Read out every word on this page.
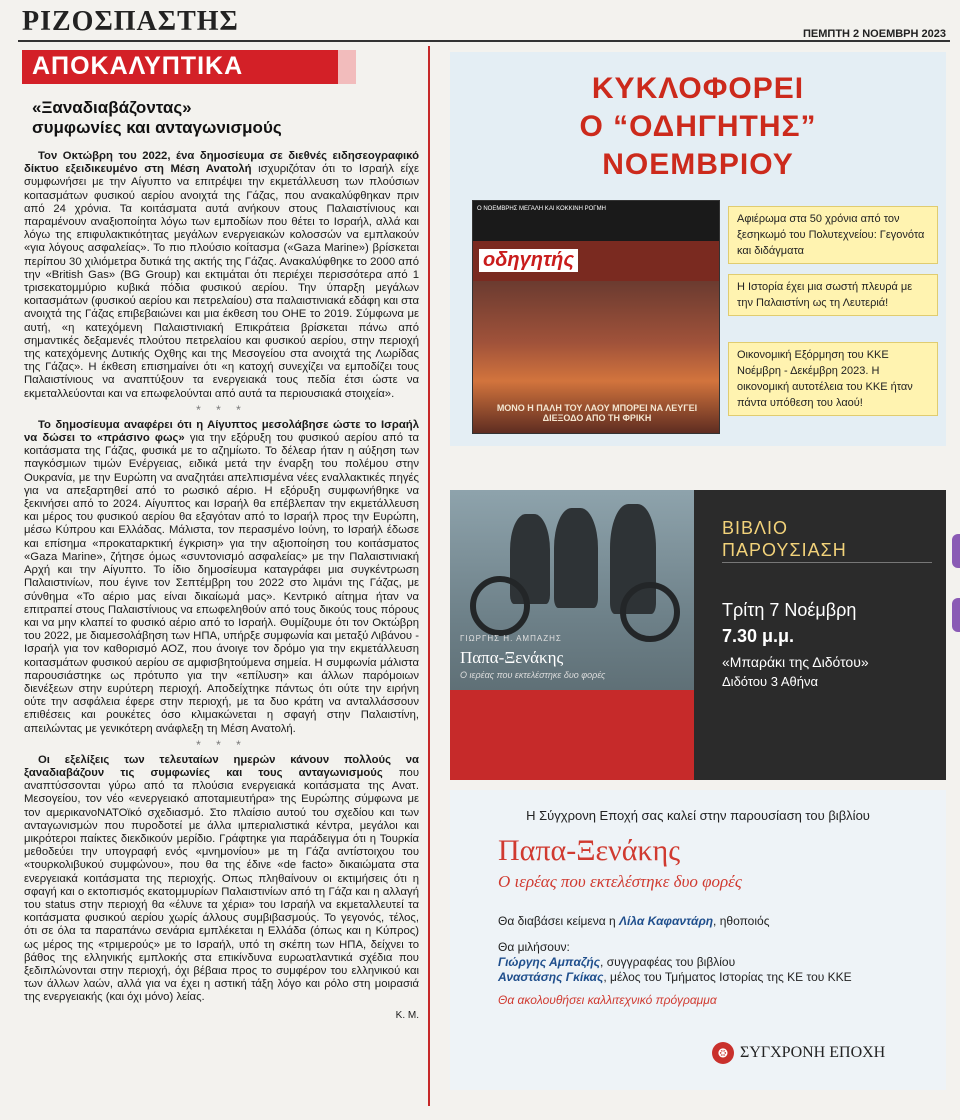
ΡΙΖΟΣΠΑΣΤΗΣ	ΠΕΜΠΤΗ 2 ΝΟΕΜΒΡΗ 2023
ΑΠΟΚΑΛΥΠΤΙΚΑ
«Ξαναδιαβάζοντας»
συμφωνίες και ανταγωνισμούς

Τον Οκτώβρη του 2022, ένα δημοσίευμα σε διεθνές ειδησεογραφικό δίκτυο εξειδικευμένο στη Μέση Ανατολή ισχυριζόταν ότι το Ισραήλ είχε συμφωνήσει με την Αίγυπτο να επιτρέψει την εκμετάλλευση των πλούσιων κοιτασμάτων φυσικού αερίου ανοιχτά της Γάζας, που ανακαλύφθηκαν πριν από 24 χρόνια. Τα κοιτάσματα αυτά ανήκουν στους Παλαιστίνιους και παραμένουν αναξιοποίητα λόγω των εμποδίων που θέτει το Ισραήλ, αλλά και λόγω της επιφυλακτικότητας μεγάλων ενεργειακών κολοσσών να εμπλακούν «για λόγους ασφαλείας». Το πιο πλούσιο κοίτασμα («Gaza Marine») βρίσκεται περίπου 30 χιλιόμετρα δυτικά της ακτής της Γάζας. Ανακαλύφθηκε το 2000 από την «British Gas» (BG Group) και εκτιμάται ότι περιέχει περισσότερα από 1 τρισεκατομμύριο κυβικά πόδια φυσικού αερίου. Την ύπαρξη μεγάλων κοιτασμάτων (φυσικού αερίου και πετρελαίου) στα παλαιστινιακά εδάφη και στα ανοιχτά της Γάζας επιβεβαιώνει και μια έκθεση του ΟΗΕ το 2019. Σύμφωνα με αυτή, «η κατεχόμενη Παλαιστινιακή Επικράτεια βρίσκεται πάνω από σημαντικές δεξαμενές πλούτου πετρελαίου και φυσικού αερίου, στην περιοχή της κατεχόμενης Δυτικής Οχθης και της Μεσογείου στα ανοιχτά της Λωρίδας της Γάζας». Η έκθεση επισημαίνει ότι «η κατοχή συνεχίζει να εμποδίζει τους Παλαιστίνιους να αναπτύξουν τα ενεργειακά τους πεδία έτσι ώστε να εκμεταλλεύονται και να επωφελούνται από αυτά τα περιουσιακά στοιχεία».

* * *

Το δημοσίευμα αναφέρει ότι η Αίγυπτος μεσολάβησε ώστε το Ισραήλ να δώσει το «πράσινο φως» για την εξόρυξη του φυσικού αερίου από τα κοιτάσματα της Γάζας, φυσικά με το αζημίωτο. Το δέλεαρ ήταν η αύξηση των παγκόσμιων τιμών Ενέργειας, ειδικά μετά την έναρξη του πολέμου στην Ουκρανία, με την Ευρώπη να αναζητάει απελπισμένα νέες εναλλακτικές πηγές για να απεξαρτηθεί από το ρωσικό αέριο. Η εξόρυξη συμφωνήθηκε να ξεκινήσει από το 2024. Αίγυπτος και Ισραήλ θα επέβλεπαν την εκμετάλλευση και μέρος του φυσικού αερίου θα εξαγόταν από το Ισραήλ προς την Ευρώπη, μέσω Κύπρου και Ελλάδας. Μάλιστα, τον περασμένο Ιούνη, το Ισραήλ έδωσε και επίσημα «προκαταρκτική έγκριση» για την αξιοποίηση του κοιτάσματος «Gaza Marine», ζήτησε όμως «συντονισμό ασφαλείας» με την Παλαιστινιακή Αρχή και την Αίγυπτο. Το ίδιο δημοσίευμα καταγράφει μια συγκέντρωση Παλαιστινίων, που έγινε τον Σεπτέμβρη του 2022 στο λιμάνι της Γάζας, με σύνθημα «Το αέριο μας είναι δικαίωμά μας». Κεντρικό αίτημα ήταν να επιτραπεί στους Παλαιστίνιους να επωφεληθούν από τους δικούς τους πόρους και να μην κλαπεί το φυσικό αέριο από το Ισραήλ. Θυμίζουμε ότι τον Οκτώβρη του 2022, με διαμεσολάβηση των ΗΠΑ, υπήρξε συμφωνία και μεταξύ Λιβάνου - Ισραήλ για τον καθορισμό ΑΟΖ, που άνοιγε τον δρόμο για την εκμετάλλευση κοιτασμάτων φυσικού αερίου σε αμφισβητούμενα σημεία. Η συμφωνία μάλιστα παρουσιάστηκε ως πρότυπο για την «επίλυση» και άλλων παρόμοιων διενέξεων στην ευρύτερη περιοχή. Αποδείχτηκε πάντως ότι ούτε την ειρήνη ούτε την ασφάλεια έφερε στην περιοχή, με τα δυο κράτη να ανταλλάσσουν επιθέσεις και ρουκέτες όσο κλιμακώνεται η σφαγή στην Παλαιστίνη, απειλώντας με γενικότερη ανάφλεξη τη Μέση Ανατολή.

* * *

Οι εξελίξεις των τελευταίων ημερών κάνουν πολλούς να ξαναδιαβάζουν τις συμφωνίες και τους ανταγωνισμούς που αναπτύσσονται γύρω από τα πλούσια ενεργειακά κοιτάσματα της Ανατ. Μεσογείου, τον νέο «ενεργειακό αποταμιευτήρα» της Ευρώπης σύμφωνα με τον αμερικανοΝΑΤΟϊκό σχεδιασμό. Στο πλαίσιο αυτού του σχεδίου και των ανταγωνισμών που πυροδοτεί με άλλα ιμπεριαλιστικά κέντρα, μεγάλοι και μικρότεροι παίκτες διεκδικούν μερίδιο. Γράφτηκε για παράδειγμα ότι η Τουρκία μεθοδεύει την υπογραφή ενός «μνημονίου» με τη Γάζα αντίστοιχου του «τουρκολιβυκού συμφώνου», που θα της έδινε «de facto» δικαιώματα στα ενεργειακά κοιτάσματα της περιοχής. Οπως πληθαίνουν οι εκτιμήσεις ότι η σφαγή και ο εκτοπισμός εκατομμυρίων Παλαιστινίων από τη Γάζα και η αλλαγή του status στην περιοχή θα «έλυνε τα χέρια» του Ισραήλ να εκμεταλλευτεί τα κοιτάσματα φυσικού αερίου χωρίς άλλους συμβιβασμούς. Το γεγονός, τέλος, ότι σε όλα τα παραπάνω σενάρια εμπλέκεται η Ελλάδα (όπως και η Κύπρος) ως μέρος της «τριμερούς» με το Ισραήλ, υπό τη σκέπη των ΗΠΑ, δείχνει το βάθος της ελληνικής εμπλοκής στα επικίνδυνα ευρωατλαντικά σχέδια που ξεδιπλώνονται στην περιοχή, όχι βέβαια προς το συμφέρον του ελληνικού και των άλλων λαών, αλλά για να έχει η αστική τάξη λόγο και ρόλο στη μοιρασιά της ενεργειακής (και όχι μόνο) λείας.

Κ. Μ.
ΚΥΚΛΟΦΟΡΕΙ
Ο “ΟΔΗΓΗΤΗΣ”
ΝΟΕΜΒΡΙΟΥ
Ο ΝΟΕΜΒΡΗΣ ΜΕΓΑΛΗ ΚΑΙ ΚΟΚΚΙΝΗ ΡΟΓΜΗ
οδηγητής
ΜΟΝΟ Η ΠΑΛΗ ΤΟΥ ΛΑΟΥ ΜΠΟΡΕΙ ΝΑ ΛΕΥΓΕΙ ΔΙΕΞΟΔΟ ΑΠΟ ΤΗ ΦΡΙΚΗ
Αφιέρωμα στα 50 χρόνια από τον ξεσηκωμό του Πολυτεχνείου: Γεγονότα και διδάγματα
Η Ιστορία έχει μια σωστή πλευρά με την Παλαιστίνη ως τη Λευτεριά!
Οικονομική Εξόρμηση του ΚΚΕ Νοέμβρη - Δεκέμβρη 2023. Η οικονομική αυτοτέλεια του ΚΚΕ ήταν πάντα υπόθεση του λαού!
ΓΙΩΡΓΗΣ Η. ΑΜΠΑΖΗΣ
Παπα-Ξενάκης
Ο ιερέας που εκτελέστηκε δυο φορές
ΒΙΒΛΙΟ
ΠΑΡΟΥΣΙΑΣΗ
Τρίτη 7 Νοέμβρη
7.30 μ.μ.
«Μπαράκι της Διδότου»
Διδότου 3 Αθήνα
Η Σύγχρονη Εποχή σας καλεί στην παρουσίαση του βιβλίου
Παπα-Ξενάκης
Ο ιερέας που εκτελέστηκε δυο φορές
Θα διαβάσει κείμενα η Λίλα Καφαντάρη, ηθοποιός
Θα μιλήσουν:
Γιώργης Αμπαζής, συγγραφέας του βιβλίου
Αναστάσης Γκίκας, μέλος του Τμήματος Ιστορίας της ΚΕ του ΚΚΕ
Θα ακολουθήσει καλλιτεχνικό πρόγραμμα
⊛ ΣΥΓΧΡΟΝΗ ΕΠΟΧΗ
